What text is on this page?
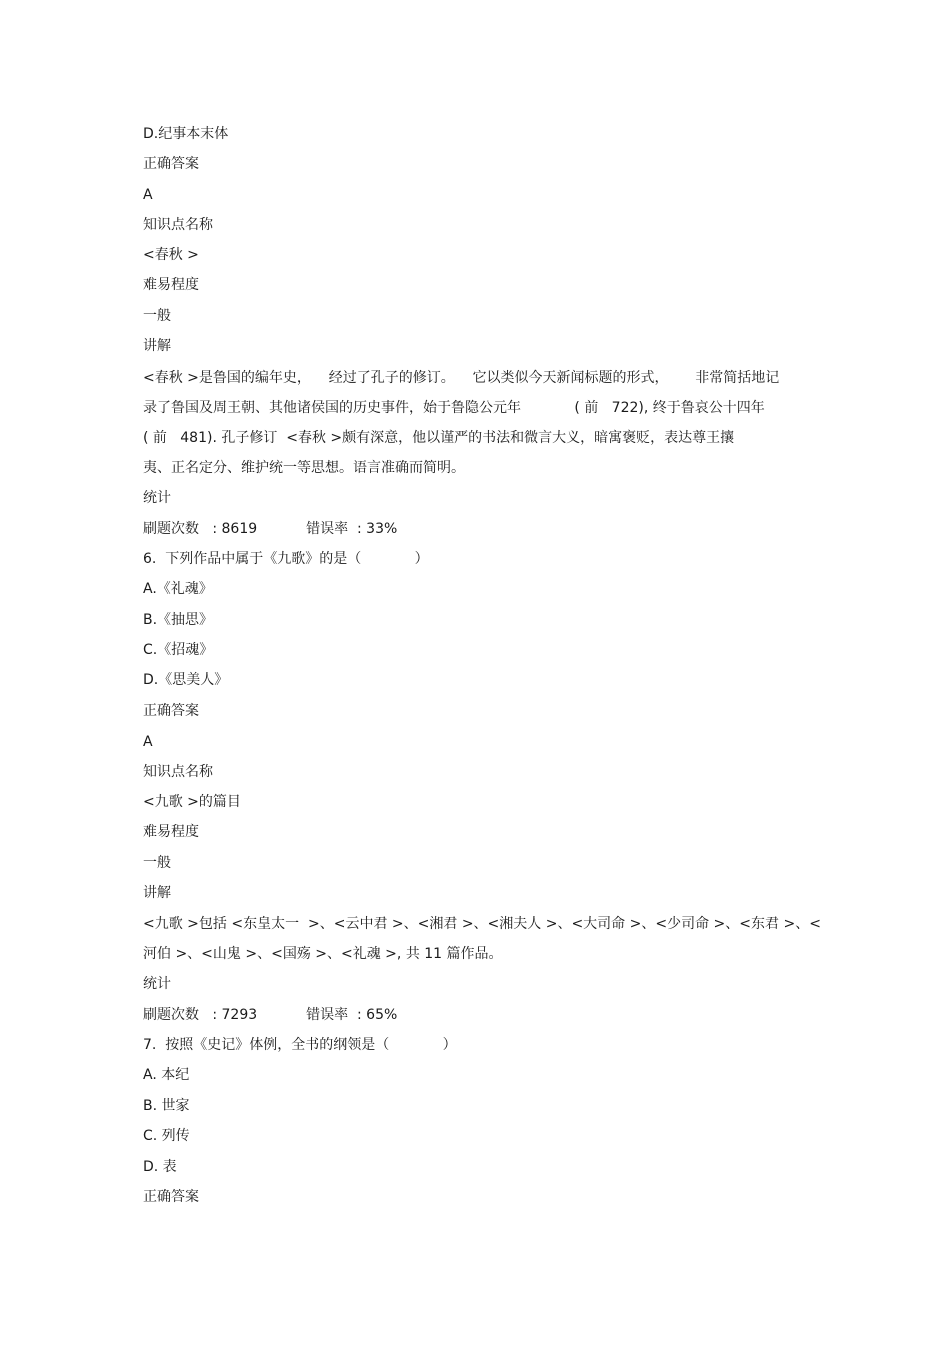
D.纪事本末体
正确答案
A
知识点名称
<春秋 >
难易程度
一般
讲解
<春秋 >是鲁国的编年史，    经过了孔子的修订。    它以类似今天新闻标题的形式，      非常简括地记
录了鲁国及周王朝、其他诸侯国的历史事件，始于鲁隐公元年            ( 前   722), 终于鲁哀公十四年
( 前   481). 孔子修订  <春秋 >颇有深意，他以谨严的书法和微言大义，暗寓褒贬，表达尊王攘
夷、正名定分、维护统一等思想。语言准确而简明。
统计
刷题次数   : 8619           错误率  : 33%
6.  下列作品中属于《九歌》的是（            ）
A.《礼魂》
B.《抽思》
C.《招魂》
D.《思美人》
正确答案
A
知识点名称
<九歌 >的篇目
难易程度
一般
讲解
<九歌 >包括 <东皇太一  >、<云中君 >、<湘君 >、<湘夫人 >、<大司命 >、<少司命 >、<东君 >、<
河伯 >、<山鬼 >、<国殇 >、<礼魂 >, 共 11 篇作品。
统计
刷题次数   : 7293           错误率  : 65%
7.  按照《史记》体例，全书的纲领是（            ）
A. 本纪
B. 世家
C. 列传
D. 表
正确答案
